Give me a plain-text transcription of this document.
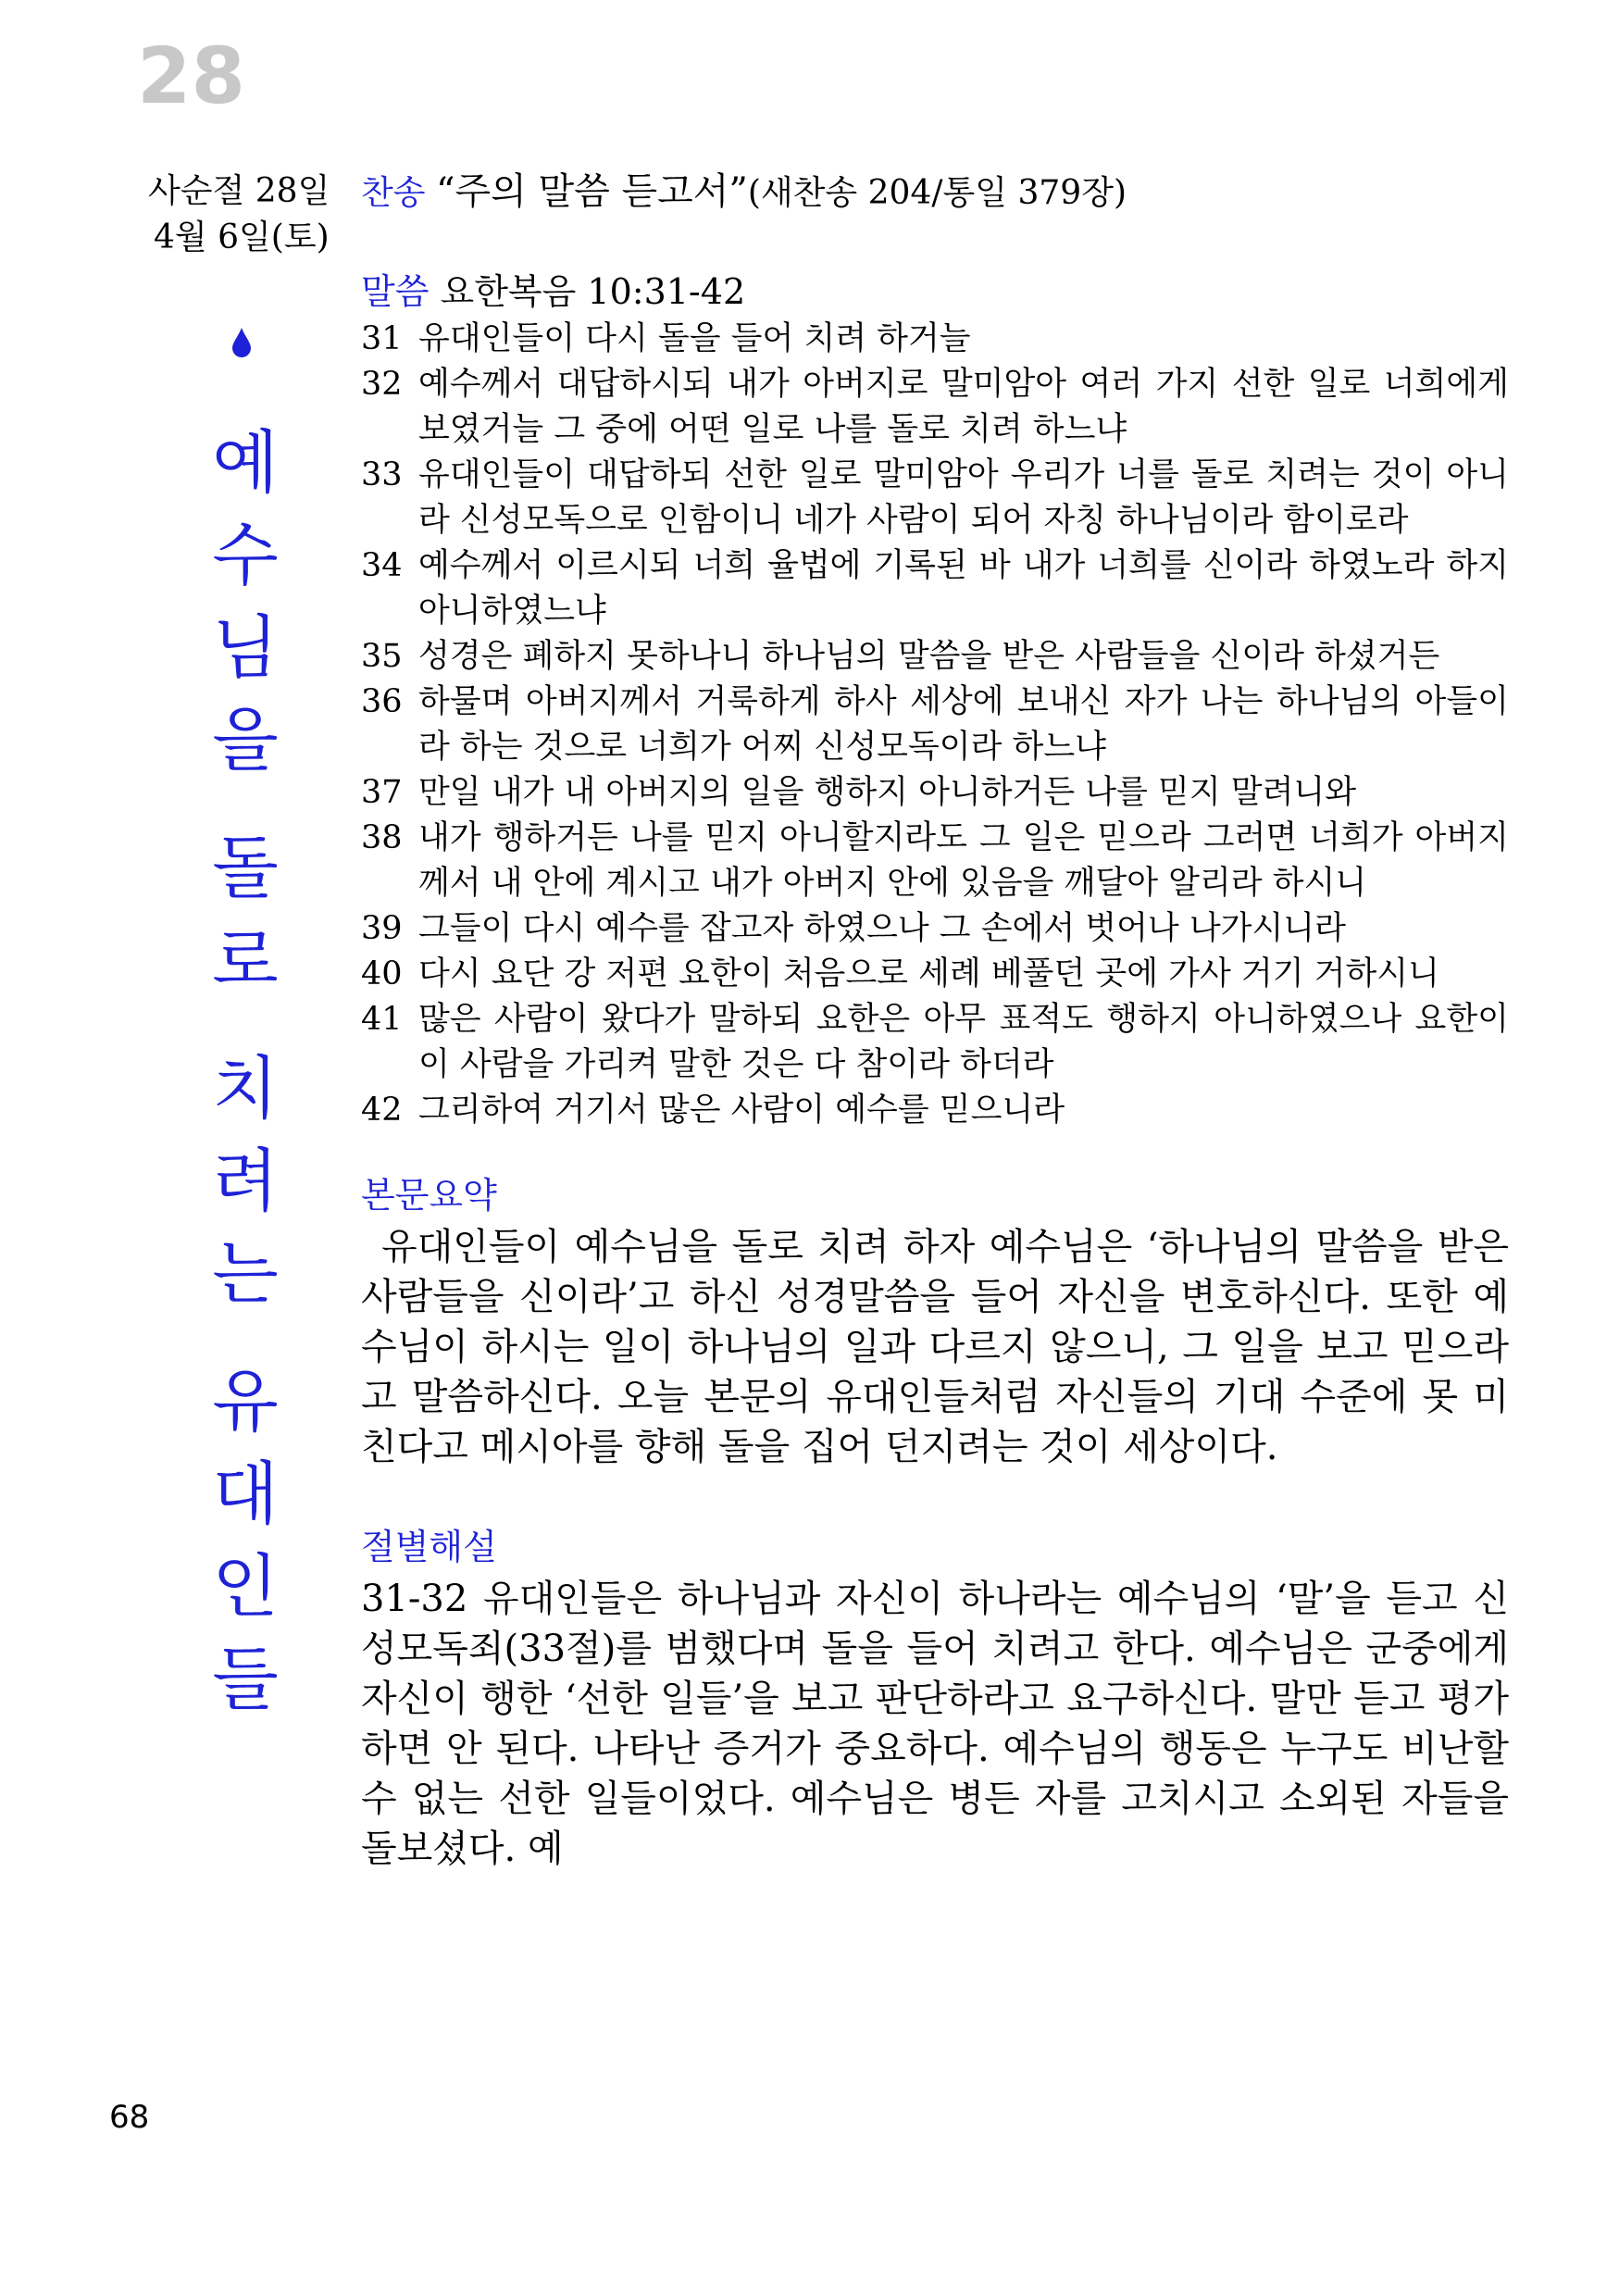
28
사순절 28일
4월 6일(토)
찬송 “주의 말씀 듣고서”(새찬송 204/통일 379장)
예
수
님
을

돌
로

치
려
는

유
대
인
들
말씀 요한복음 10:31-42

31 유대인들이 다시 돌을 들어 치려 하거늘

32 예수께서 대답하시되 내가 아버지로 말미암아 여러 가지 선한 일로 너희에게 보였거늘 그 중에 어떤 일로 나를 돌로 치려 하느냐

33 유대인들이 대답하되 선한 일로 말미암아 우리가 너를 돌로 치려는 것이 아니라 신성모독으로 인함이니 네가 사람이 되어 자칭 하나님이라 함이로라

34 예수께서 이르시되 너희 율법에 기록된 바 내가 너희를 신이라 하였노라 하지 아니하였느냐

35 성경은 폐하지 못하나니 하나님의 말씀을 받은 사람들을 신이라 하셨거든

36 하물며 아버지께서 거룩하게 하사 세상에 보내신 자가 나는 하나님의 아들이라 하는 것으로 너희가 어찌 신성모독이라 하느냐

37 만일 내가 내 아버지의 일을 행하지 아니하거든 나를 믿지 말려니와

38 내가 행하거든 나를 믿지 아니할지라도 그 일은 믿으라 그러면 너희가 아버지께서 내 안에 계시고 내가 아버지 안에 있음을 깨달아 알리라 하시니

39 그들이 다시 예수를 잡고자 하였으나 그 손에서 벗어나 나가시니라

40 다시 요단 강 저편 요한이 처음으로 세례 베풀던 곳에 가사 거기 거하시니

41 많은 사람이 왔다가 말하되 요한은 아무 표적도 행하지 아니하였으나 요한이 이 사람을 가리켜 말한 것은 다 참이라 하더라

42 그리하여 거기서 많은 사람이 예수를 믿으니라

본문요약

유대인들이 예수님을 돌로 치려 하자 예수님은 ‘하나님의 말씀을 받은 사람들을 신이라’고 하신 성경말씀을 들어 자신을 변호하신다. 또한 예수님이 하시는 일이 하나님의 일과 다르지 않으니, 그 일을 보고 믿으라고 말씀하신다. 오늘 본문의 유대인들처럼 자신들의 기대 수준에 못 미친다고 메시아를 향해 돌을 집어 던지려는 것이 세상이다.

절별해설

31-32 유대인들은 하나님과 자신이 하나라는 예수님의 ‘말’을 듣고 신성모독죄(33절)를 범했다며 돌을 들어 치려고 한다. 예수님은 군중에게 자신이 행한 ‘선한 일들’을 보고 판단하라고 요구하신다. 말만 듣고 평가하면 안 된다. 나타난 증거가 중요하다. 예수님의 행동은 누구도 비난할 수 없는 선한 일들이었다. 예수님은 병든 자를 고치시고 소외된 자들을 돌보셨다. 예

68
